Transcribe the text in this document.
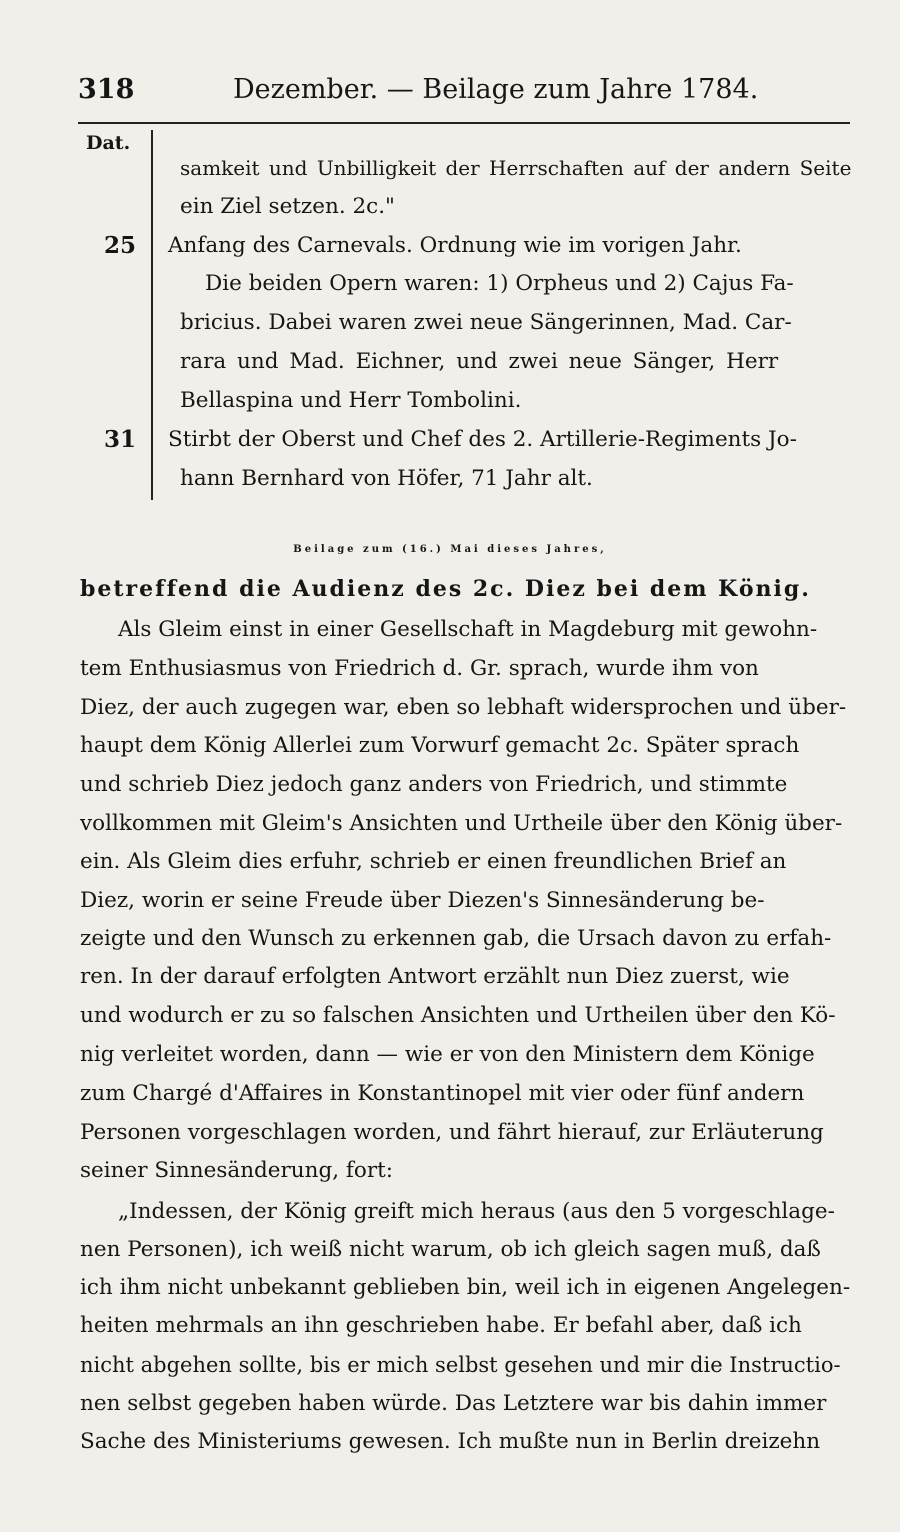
318	Dezember. — Beilage zum Jahre 1784.
Dat.

samkeit und Unbilligkeit der Herrschaften auf der andern Seite

ein Ziel setzen. 2c."

25 Anfang des Carnevals. Ordnung wie im vorigen Jahr.

Die beiden Opern waren: 1) Orpheus und 2) Cajus Fa-

bricius. Dabei waren zwei neue Sängerinnen, Mad. Car-

rara und Mad. Eichner, und zwei neue Sänger, Herr

Bellaspina und Herr Tombolini.

31 Stirbt der Oberst und Chef des 2. Artillerie-Regiments Jo-

hann Bernhard von Höfer, 71 Jahr alt.

Beilage zum (16.) Mai dieses Jahres,
betreffend die Audienz des 2c. Diez bei dem König.

Als Gleim einst in einer Gesellschaft in Magdeburg mit gewohn-

tem Enthusiasmus von Friedrich d. Gr. sprach, wurde ihm von

Diez, der auch zugegen war, eben so lebhaft widersprochen und über-

haupt dem König Allerlei zum Vorwurf gemacht 2c. Später sprach

und schrieb Diez jedoch ganz anders von Friedrich, und stimmte

vollkommen mit Gleim's Ansichten und Urtheile über den König über-

ein. Als Gleim dies erfuhr, schrieb er einen freundlichen Brief an

Diez, worin er seine Freude über Diezen's Sinnesänderung be-

zeigte und den Wunsch zu erkennen gab, die Ursach davon zu erfah-

ren. In der darauf erfolgten Antwort erzählt nun Diez zuerst, wie

und wodurch er zu so falschen Ansichten und Urtheilen über den Kö-

nig verleitet worden, dann — wie er von den Ministern dem Könige

zum Chargé d'Affaires in Konstantinopel mit vier oder fünf andern

Personen vorgeschlagen worden, und fährt hierauf, zur Erläuterung

seiner Sinnesänderung, fort:

„Indessen, der König greift mich heraus (aus den 5 vorgeschlage-

nen Personen), ich weiß nicht warum, ob ich gleich sagen muß, daß

ich ihm nicht unbekannt geblieben bin, weil ich in eigenen Angelegen-

heiten mehrmals an ihn geschrieben habe. Er befahl aber, daß ich

nicht abgehen sollte, bis er mich selbst gesehen und mir die Instructio-

nen selbst gegeben haben würde. Das Letztere war bis dahin immer

Sache des Ministeriums gewesen. Ich mußte nun in Berlin dreizehn
